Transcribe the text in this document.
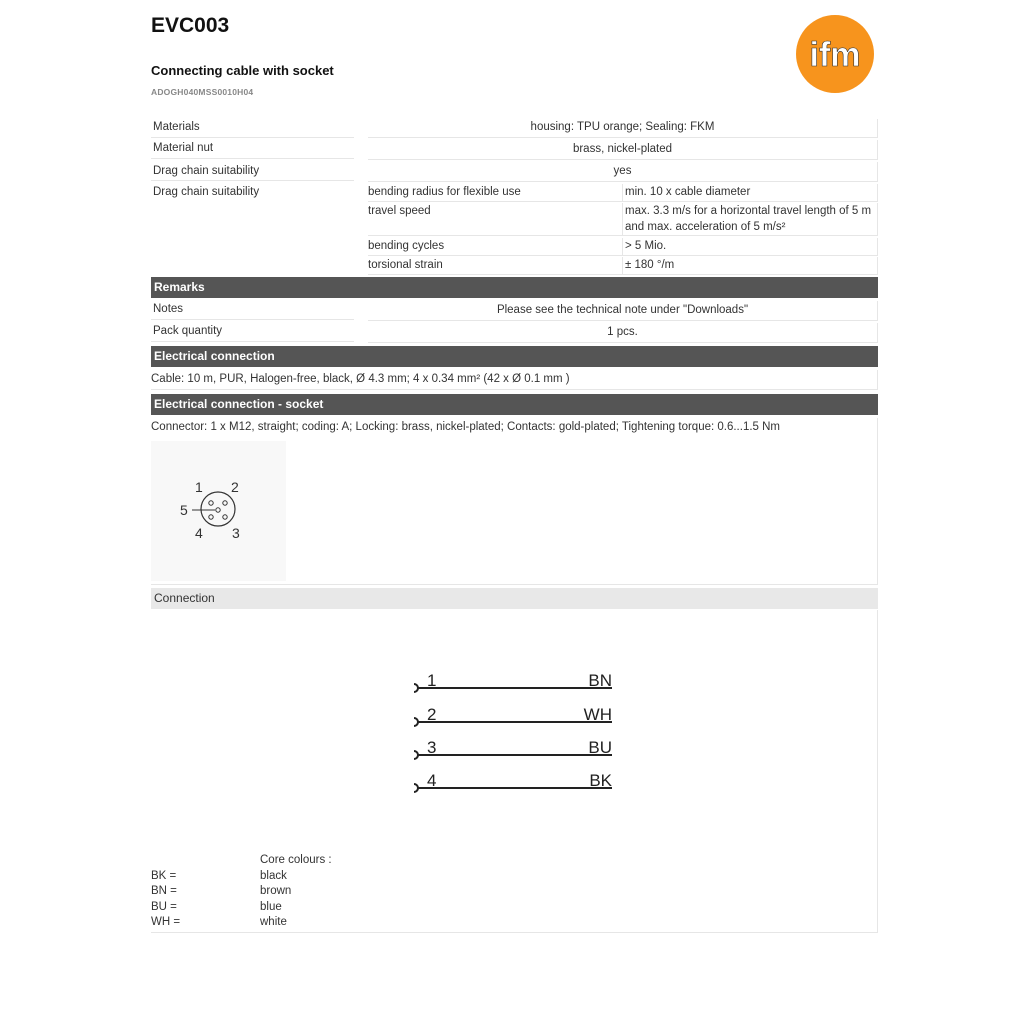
EVC003
Connecting cable with socket
ADOGH040MSS0010H04
ifm
Materials	housing: TPU orange; Sealing: FKM
Material nut	brass, nickel-plated
Drag chain suitability	yes
Drag chain suitability	bending radius for flexible use	min. 10 x cable diameter
travel speed	max. 3.3 m/s for a horizontal travel length of 5 m and max. acceleration of 5 m/s²
bending cycles	> 5 Mio.
torsional strain	± 180 °/m
Remarks
Notes	Please see the technical note under "Downloads"
Pack quantity	1 pcs.
Electrical connection
Cable: 10 m, PUR, Halogen-free, black, Ø 4.3 mm; 4 x 0.34 mm² (42 x Ø 0.1 mm )
Electrical connection - socket
Connector: 1 x M12, straight; coding: A; Locking: brass, nickel-plated; Contacts: gold-plated; Tightening torque: 0.6...1.5 Nm
1 2
5
4 3
Connection
1	BN
2	WH
3	BU
4	BK
Core colours :
BK =	black
BN =	brown
BU =	blue
WH =	white
